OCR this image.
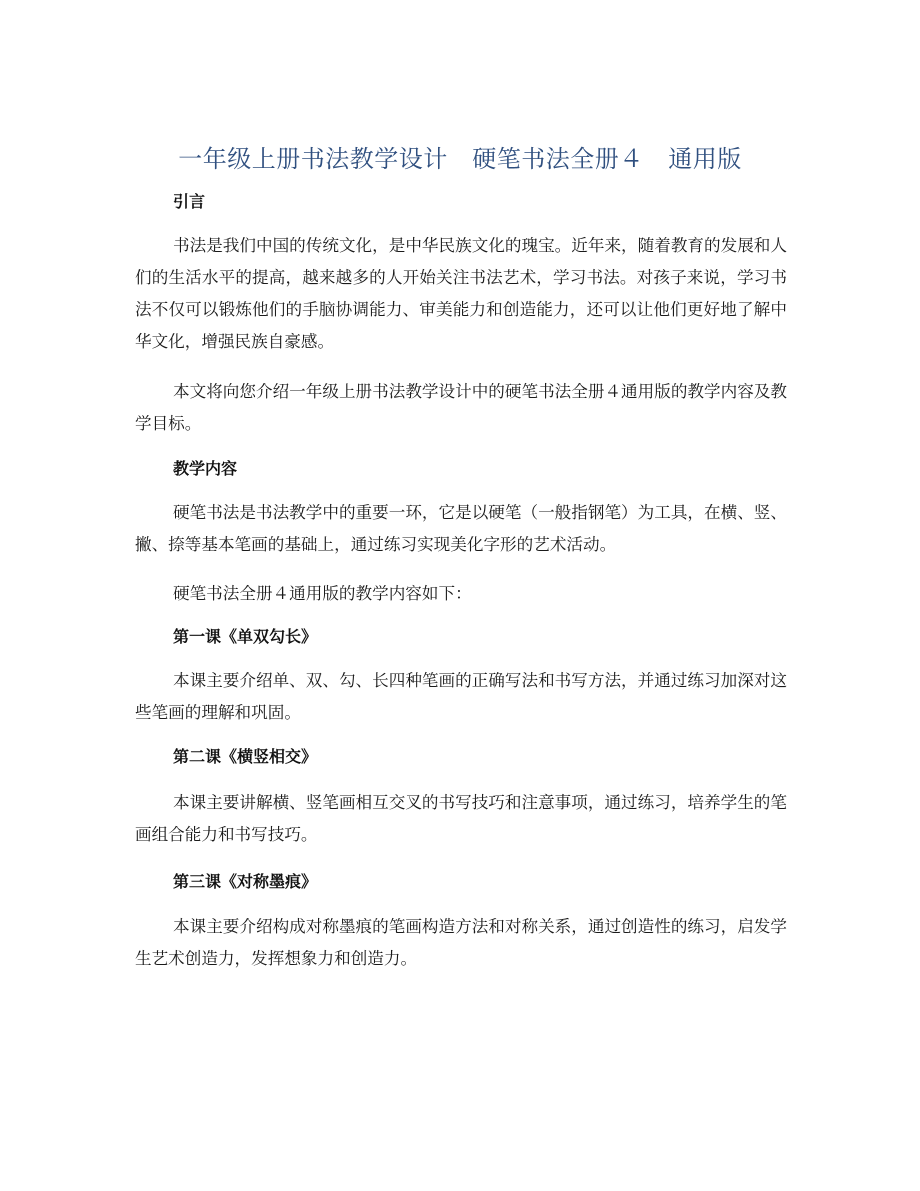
一年级上册书法教学设计　硬笔书法全册４　通用版
引言
书法是我们中国的传统文化，是中华民族文化的瑰宝。近年来，随着教育的发展和人们的生活水平的提高，越来越多的人开始关注书法艺术，学习书法。对孩子来说，学习书法不仅可以锻炼他们的手脑协调能力、审美能力和创造能力，还可以让他们更好地了解中华文化，增强民族自豪感。
本文将向您介绍一年级上册书法教学设计中的硬笔书法全册４通用版的教学内容及教学目标。
教学内容
硬笔书法是书法教学中的重要一环，它是以硬笔（一般指钢笔）为工具，在横、竖、撇、捺等基本笔画的基础上，通过练习实现美化字形的艺术活动。
硬笔书法全册４通用版的教学内容如下：
第一课《单双勾长》
本课主要介绍单、双、勾、长四种笔画的正确写法和书写方法，并通过练习加深对这些笔画的理解和巩固。
第二课《横竖相交》
本课主要讲解横、竖笔画相互交叉的书写技巧和注意事项，通过练习，培养学生的笔画组合能力和书写技巧。
第三课《对称墨痕》
本课主要介绍构成对称墨痕的笔画构造方法和对称关系，通过创造性的练习，启发学生艺术创造力，发挥想象力和创造力。
